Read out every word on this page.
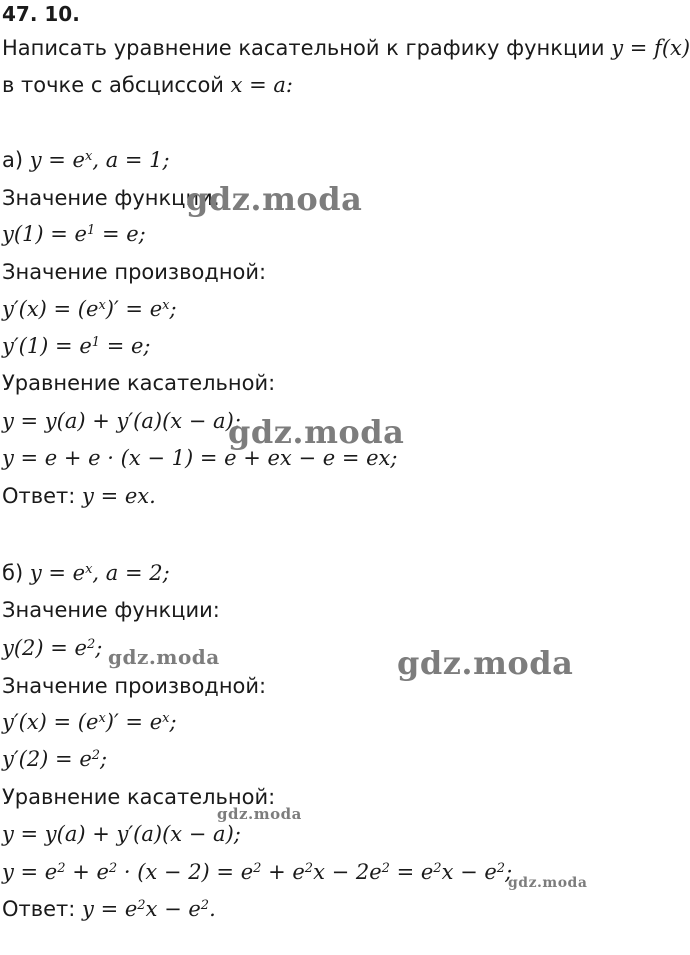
47. 10.
Написать уравнение касательной к графику функции y = f(x)
в точке с абсциссой x = a:
а) $y = e^x$, a = 1;
Значение функции:
$y(1) = e^1 = e$;
Значение производной:
$y'(x) = (e^x)' = e^x$;
$y'(1) = e^1 = e$;
Уравнение касательной:
y = y(a) + y′(a)(x − a);
y = e + e · (x − 1) = e + ex − e = ex;
Ответ: y = ex.
б) $y = e^x$, a = 2;
Значение функции:
$y(2) = e^2$;
Значение производной:
$y'(x) = (e^x)' = e^x$;
$y'(2) = e^2$;
Уравнение касательной:
y = y(a) + y′(a)(x − a);
$y = e^2 + e^2 \cdot (x - 2) = e^2 + e^2x - 2e^2 = e^2x - e^2$;
Ответ: $y = e^2x - e^2$.
gdz.moda
gdz.moda
gdz.moda	gdz.moda
gdz.moda
gdz.moda
